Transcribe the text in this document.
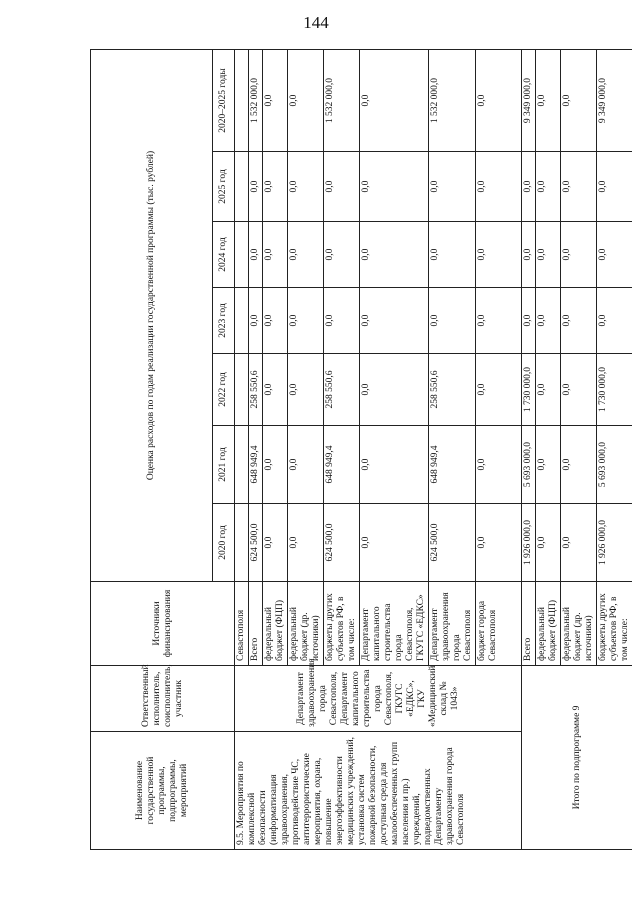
144
Наименование государственной программы, подпрограммы, мероприятий	Ответственный исполнитель, соисполнитель, участник	Источники финансирования	Оценка расходов по годам реализации государственной программы (тыс. рублей)						
			2020 год	2021 год	2022 год	2023 год	2024 год	2025 год	2020–2025 годы
9.5. Мероприятия по комплексной безопасности (информатизация здравоохранения, противодействие ЧС, антитеррористические мероприятия, охрана, повышение энергоэффективности медицинских учреждений, установка систем пожарной безопасности, доступная среда для малообеспеченных групп населения и пр.) учреждений, подведомственных Департаменту здравоохранения города Севастополя	Департамент здравоохранения города Севастополя, Департамент капитального строительства города Севастополя, ГКУГС «ЕДКС», ГКУ «Медицинский склад № 1043»	Севастополя							
		Всего	624 500,0	648 949,4	258 550,6	0,0	0,0	0,0	1 532 000,0
		федеральный бюджет (ФЦП)	0,0	0,0	0,0	0,0	0,0	0,0	0,0
		федеральный бюджет (др. источники)	0,0	0,0	0,0	0,0	0,0	0,0	0,0
		бюджеты других субъектов РФ, в том числе:	624 500,0	648 949,4	258 550,6	0,0	0,0	0,0	1 532 000,0
		Департамент капитального строительства города Севастополя, ГКУГС «ЕДКС»	0,0	0,0	0,0	0,0	0,0	0,0	0,0
		Департамент здравоохранения города Севастополя	624 500,0	648 949,4	258 550,6	0,0	0,0	0,0	1 532 000,0
		бюджет города Севастополя	0,0	0,0	0,0	0,0	0,0	0,0	0,0
Итого по подпрограмме 9		Всего	1 926 000,0	5 693 000,0	1 730 000,0	0,0	0,0	0,0	9 349 000,0
		федеральный бюджет (ФЦП)	0,0	0,0	0,0	0,0	0,0	0,0	0,0
		федеральный бюджет (др. источники)	0,0	0,0	0,0	0,0	0,0	0,0	0,0
		бюджеты других субъектов РФ, в том числе:	1 926 000,0	5 693 000,0	1 730 000,0	0,0	0,0	0,0	9 349 000,0
